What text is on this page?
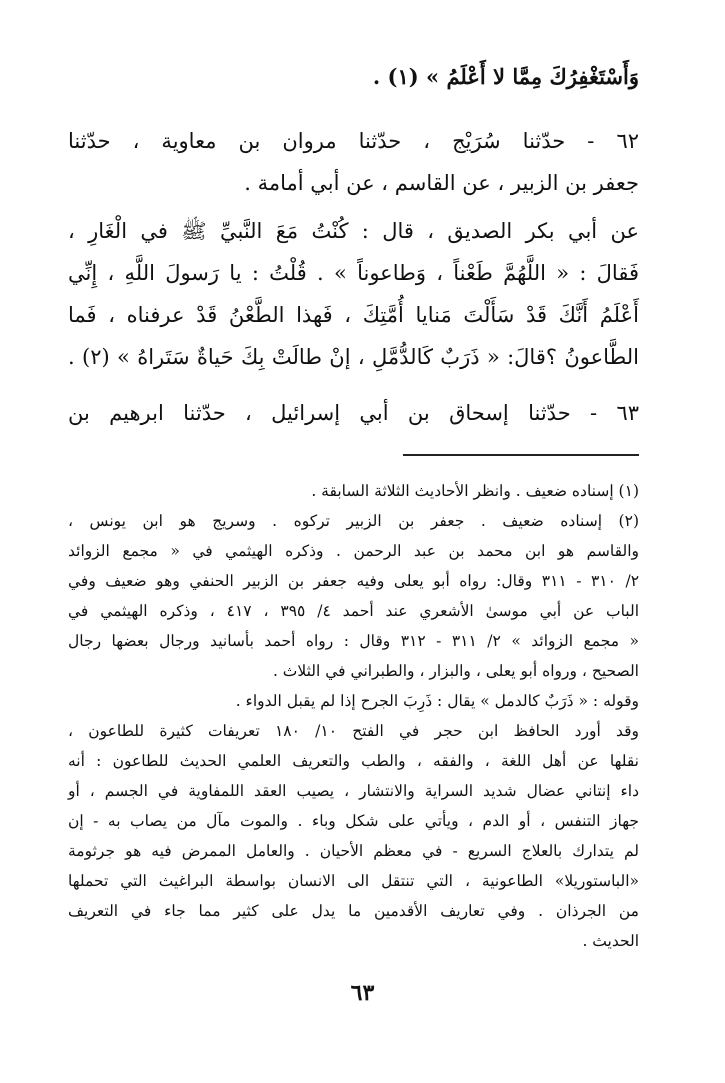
وَأَسْتَغْفِرُكَ مِمَّا لا أَعْلَمُ » (١) .
٦٢ - حدّثنا سُرَيْج ، حدّثنا مروان بن معاوية ، حدّثنا
جعفر بن الزبير ، عن القاسم ، عن أبي أمامة .
عن أبي بكر الصديق ، قال : كُنْتُ مَعَ النَّبيِّ ﷺ في الْغَارِ ،
فَقالَ : « اللَّهُمَّ طَعْناً ، وَطاعوناً » . قُلْتُ : يا رَسولَ اللَّهِ ، إِنِّي
أَعْلَمُ أَنَّكَ قَدْ سَأَلْتَ مَنايا أُمَّتِكَ ، فَهذا الطَّعْنُ قَدْ عرفناه ، فَما
الطَّاعونُ ؟قالَ: « ذَرَبٌ كَالدُّمَّلِ ، إنْ طالَتْ بِكَ حَياةٌ سَتَراهُ » (٢) .
٦٣ - حدّثنا إسحاق بن أبي إسرائيل ، حدّثنا ابرهيم بن
(١) إسناده ضعيف . وانظر الأحاديث الثلاثة السابقة .
(٢) إسناده ضعيف . جعفر بن الزبير تركوه . وسريج هو ابن يونس ،
والقاسم هو ابن محمد بن عبد الرحمن . وذكره الهيثمي في « مجمع الزوائد
٢/ ٣١٠ - ٣١١ وقال: رواه أبو يعلى وفيه جعفر بن الزبير الحنفي وهو ضعيف وفي
الباب عن أبي موسىٰ الأشعري عند أحمد ٤/ ٣٩٥ ، ٤١٧ ، وذكره الهيثمي في
« مجمع الزوائد » ٢/ ٣١١ - ٣١٢ وقال : رواه أحمد بأسانيد ورجال بعضها رجال
الصحيح ، ورواه أبو يعلى ، والبزار ، والطبراني في الثلاث .
وقوله : « ذَرَبٌ كالدمل » يقال : ذَرِبَ الجرح إذا لم يقبل الدواء .
وقد أورد الحافظ ابن حجر في الفتح ١٠/ ١٨٠ تعريفات كثيرة للطاعون ،
نقلها عن أهل اللغة ، والفقه ، والطب والتعريف العلمي الحديث للطاعون : أنه
داء إنتاني عضال شديد السراية والانتشار ، يصيب العقد اللمفاوية في الجسم ، أو
جهاز التنفس ، أو الدم ، ويأتي على شكل وباء . والموت مآل من يصاب به - إن
لم يتدارك بالعلاج السريع - في معظم الأحيان . والعامل الممرض فيه هو جرثومة
«الباستوريلا» الطاعونية ، التي تنتقل الى الانسان بواسطة البراغيث التي تحملها
من الجرذان . وفي تعاريف الأقدمين ما يدل على كثير مما جاء في التعريف
الحديث .
٦٣
